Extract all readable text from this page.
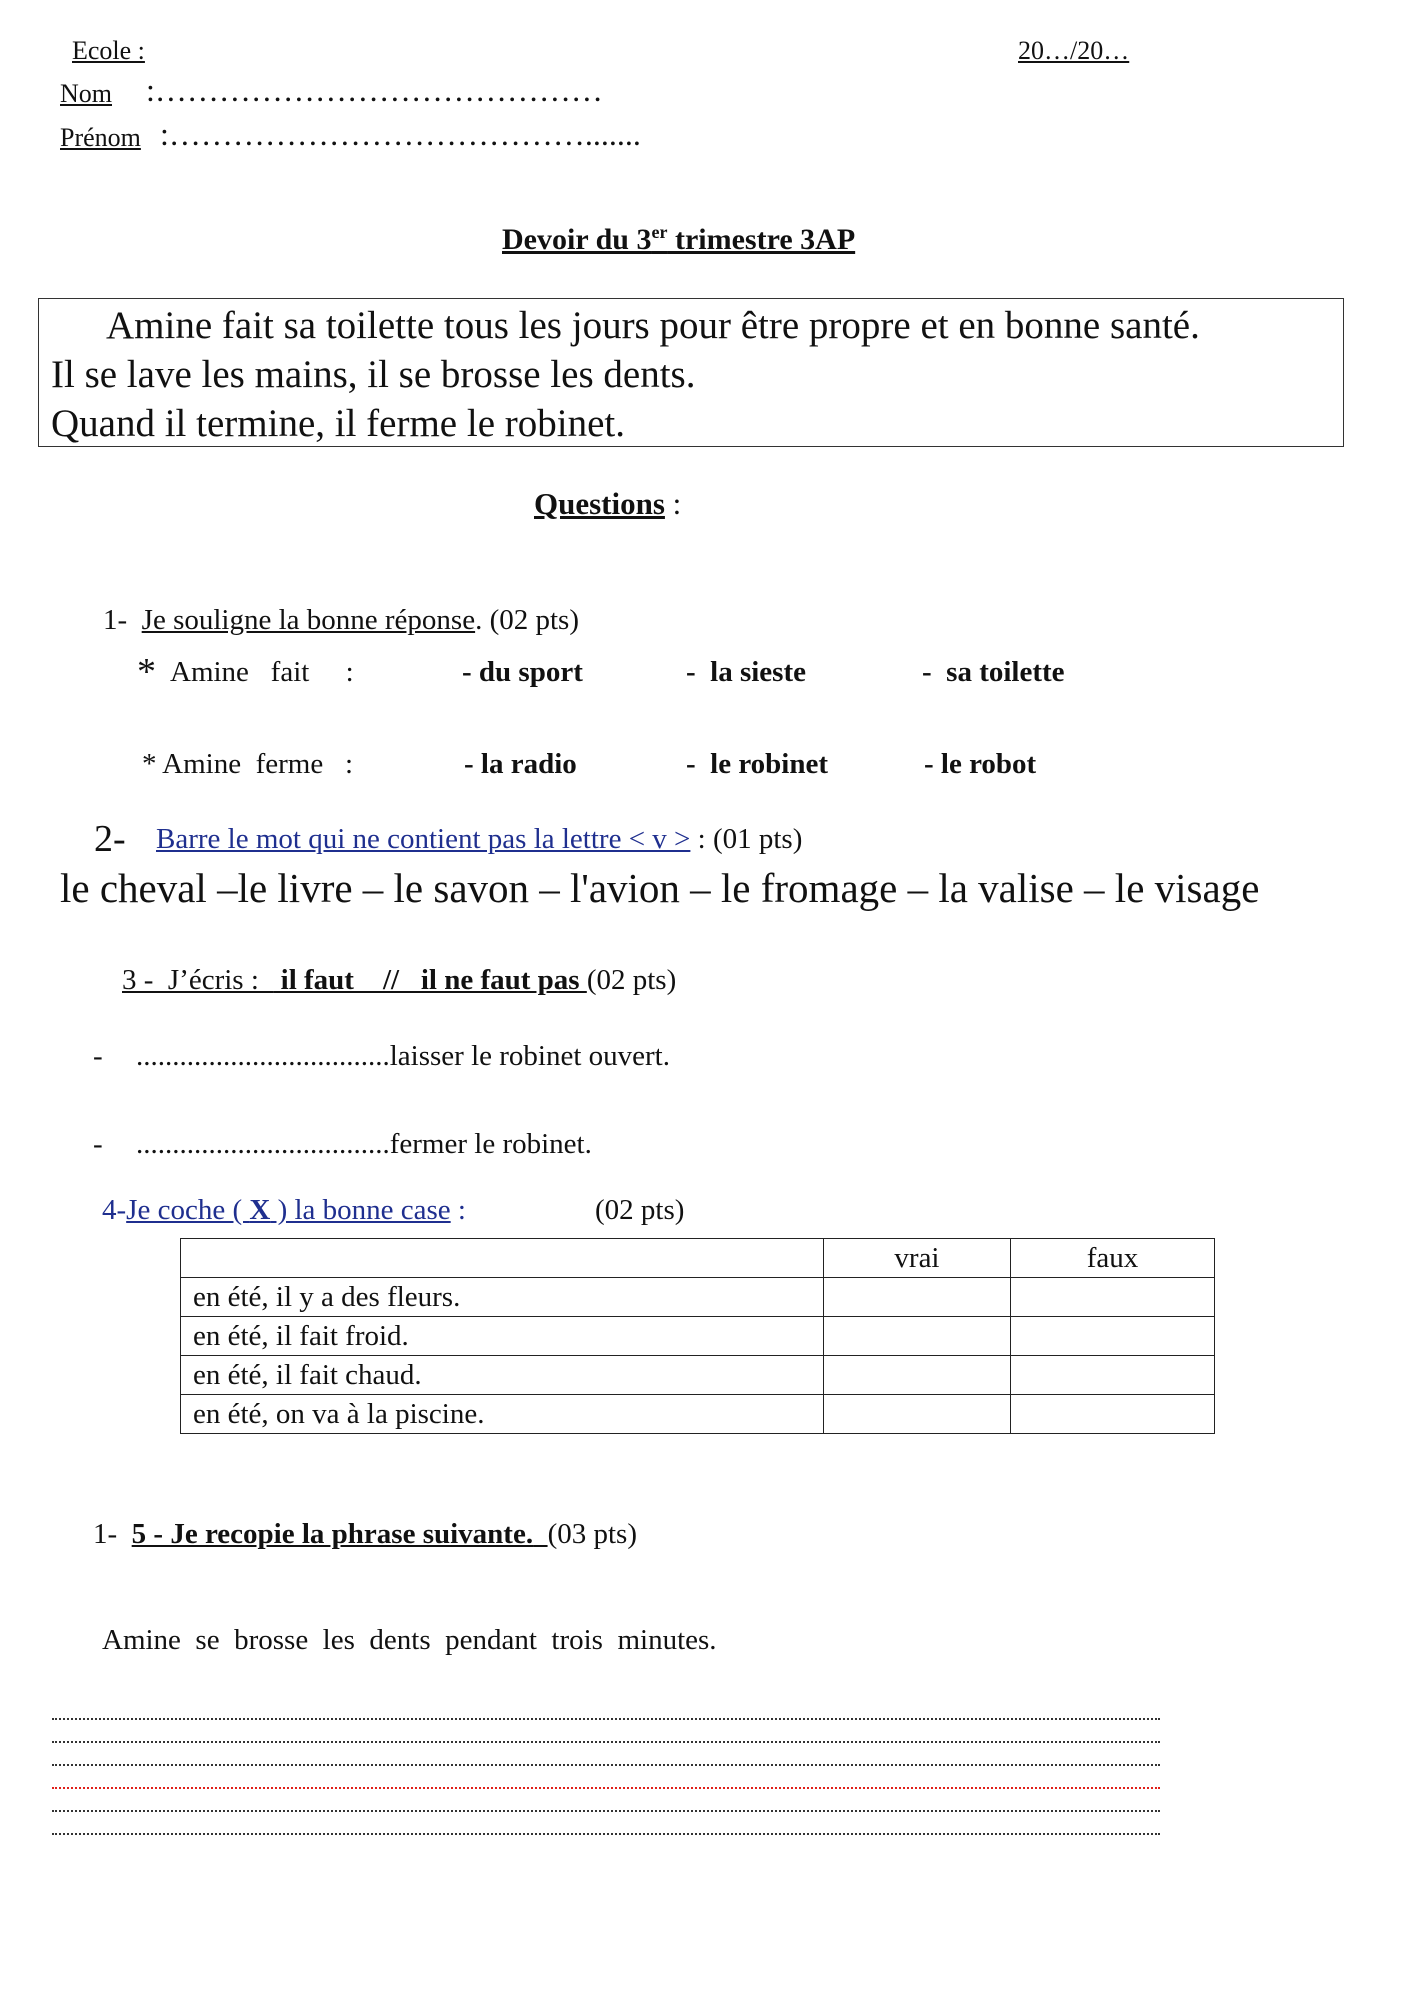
Ecole :	20…/20…
Nom :……………………………………
Prénom :………………………………….......
Devoir du 3er trimestre 3AP
Amine fait sa toilette tous les jours pour être propre et en bonne santé.
Il se lave les mains, il se brosse les dents.
Quand il termine, il ferme le robinet.
Questions :
1- Je souligne la bonne réponse. (02 pts)
* Amine   fait     :	- du sport	-  la sieste	-  sa toilette
* Amine  ferme   :	- la radio	-  le robinet	- le robot
2- Barre le mot qui ne contient pas la lettre < v > : (01 pts)
le cheval –le livre – le savon – l'avion – le fromage – la valise – le visage
3 -  J’écris :   il faut    //   il ne faut pas (02 pts)
- ...................................laisser le robinet ouvert.
- ...................................fermer le robinet.
4-Je coche ( X ) la bonne case :	(02 pts)
	vrai	faux
en été, il y a des fleurs.		
en été, il fait froid.		
en été, il fait chaud.		
en été, on va à la piscine.		
1- 5 - Je recopie la phrase suivante. (03 pts)
Amine  se  brosse  les  dents  pendant  trois  minutes.
